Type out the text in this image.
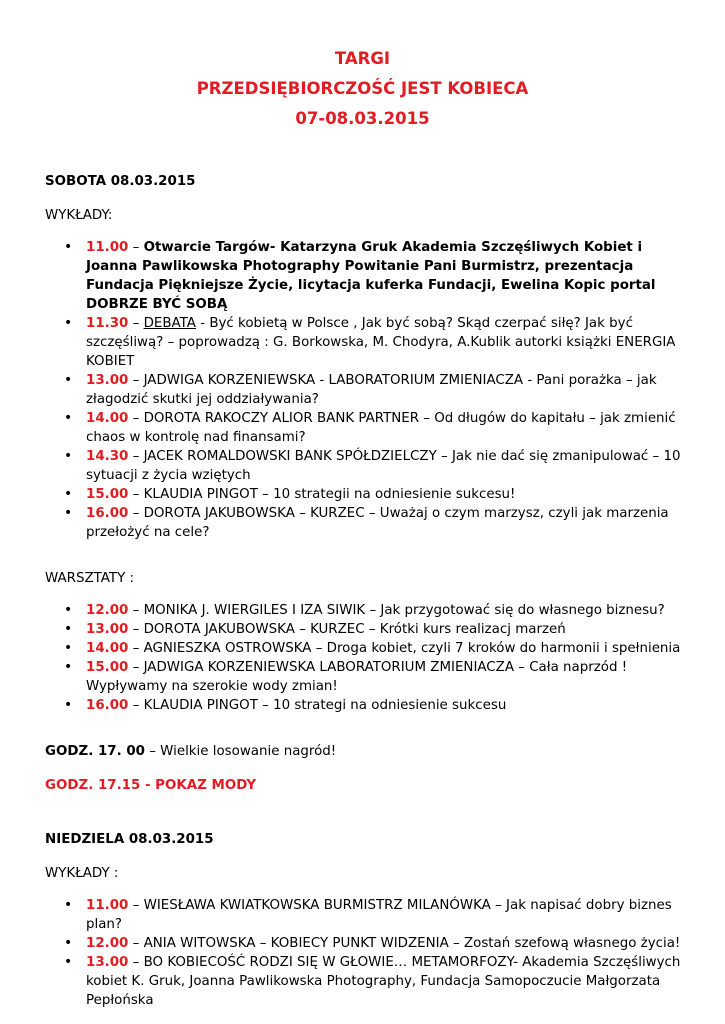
TARGI
PRZEDSIĘBIORCZOŚĆ JEST KOBIECA
07-08.03.2015
SOBOTA 08.03.2015
WYKŁADY:
• 11.00 – Otwarcie Targów- Katarzyna Gruk Akademia Szczęśliwych Kobiet i Joanna Pawlikowska Photography Powitanie Pani Burmistrz, prezentacja Fundacja Piękniejsze Życie, licytacja kuferka Fundacji, Ewelina Kopic portal DOBRZE BYĆ SOBĄ
• 11.30 – DEBATA - Być kobietą w Polsce , Jak być sobą? Skąd czerpać siłę? Jak być szczęśliwą? – poprowadzą : G. Borkowska, M. Chodyra, A.Kublik autorki książki ENERGIA KOBIET
• 13.00 – JADWIGA KORZENIEWSKA - LABORATORIUM ZMIENIACZA - Pani porażka – jak złagodzić skutki jej oddziaływania?
• 14.00 – DOROTA RAKOCZY ALIOR BANK PARTNER – Od długów do kapitału – jak zmienić chaos w kontrolę nad finansami?
• 14.30 – JACEK ROMALDOWSKI BANK SPÓŁDZIELCZY – Jak nie dać się zmanipulować – 10 sytuacji z życia wziętych
• 15.00 – KLAUDIA PINGOT – 10 strategii na odniesienie sukcesu!
• 16.00 – DOROTA JAKUBOWSKA – KURZEC – Uważaj o czym marzysz, czyli jak marzenia przełożyć na cele?
WARSZTATY :
• 12.00 – MONIKA J. WIERGILES I IZA SIWIK – Jak przygotować się do własnego biznesu?
• 13.00 – DOROTA JAKUBOWSKA – KURZEC – Krótki kurs realizacj marzeń
• 14.00 – AGNIESZKA OSTROWSKA – Droga kobiet, czyli 7 kroków do harmonii i spełnienia
• 15.00 – JADWIGA KORZENIEWSKA LABORATORIUM ZMIENIACZA – Cała naprzód ! Wypływamy na szerokie wody zmian!
• 16.00 – KLAUDIA PINGOT – 10 strategi na odniesienie sukcesu
GODZ. 17. 00 – Wielkie losowanie nagród!
GODZ. 17.15 - POKAZ MODY
NIEDZIELA 08.03.2015
WYKŁADY :
• 11.00 – WIESŁAWA KWIATKOWSKA BURMISTRZ MILANÓWKA – Jak napisać dobry biznes plan?
• 12.00 – ANIA WITOWSKA – KOBIECY PUNKT WIDZENIA – Zostań szefową własnego życia!
• 13.00 – BO KOBIECOŚĆ RODZI SIĘ W GŁOWIE… METAMORFOZY- Akademia Szczęśliwych kobiet K. Gruk, Joanna Pawlikowska Photography, Fundacja Samopoczucie Małgorzata Pepłońska
